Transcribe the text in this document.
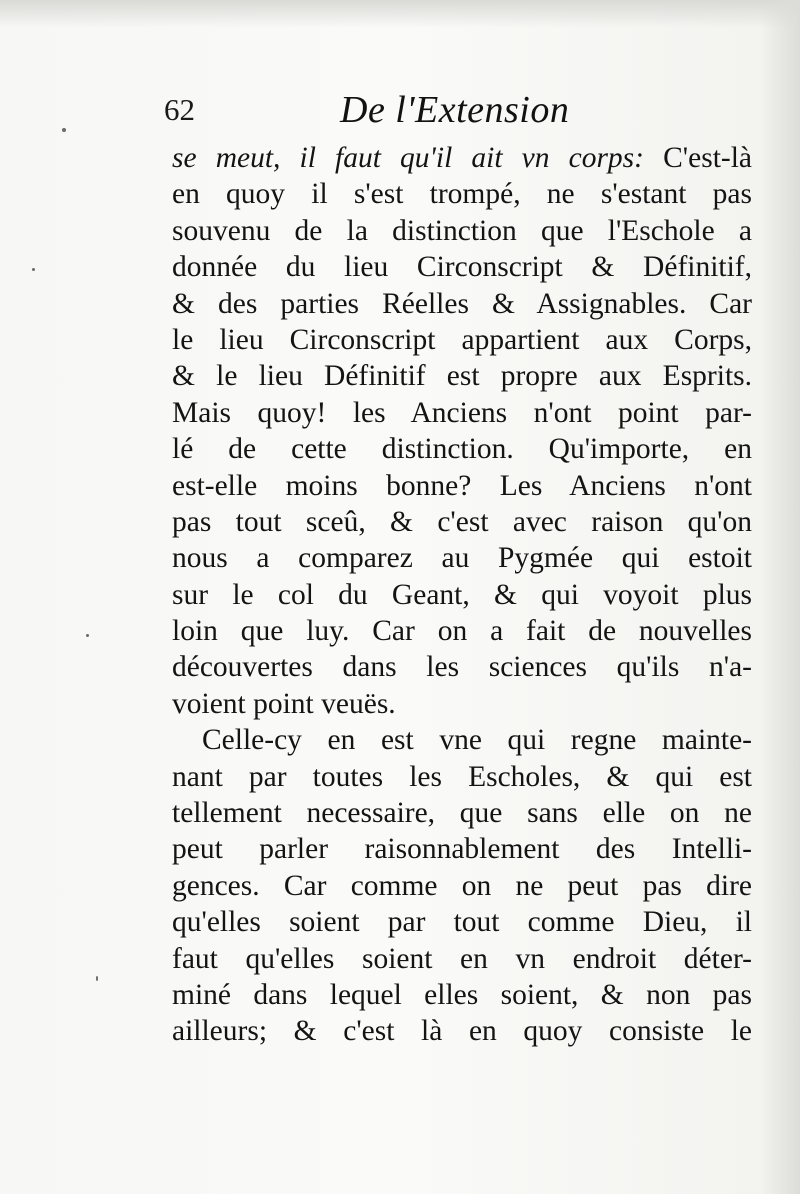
62	De l'Extension
se meut, il faut qu'il ait vn corps: C'est-là
en quoy il s'est trompé, ne s'estant pas
souvenu de la distinction que l'Eschole a
donnée du lieu Circonscript & Définitif,
& des parties Réelles & Assignables. Car
le lieu Circonscript appartient aux Corps,
& le lieu Définitif est propre aux Esprits.
Mais quoy! les Anciens n'ont point par-
lé de cette distinction. Qu'importe, en
est-elle moins bonne? Les Anciens n'ont
pas tout sceû, & c'est avec raison qu'on
nous a comparez au Pygmée qui estoit
sur le col du Geant, & qui voyoit plus
loin que luy. Car on a fait de nouvelles
découvertes dans les sciences qu'ils n'a-
voient point veuës.
Celle-cy en est vne qui regne mainte-
nant par toutes les Escholes, & qui est
tellement necessaire, que sans elle on ne
peut parler raisonnablement des Intelli-
gences. Car comme on ne peut pas dire
qu'elles soient par tout comme Dieu, il
faut qu'elles soient en vn endroit déter-
miné dans lequel elles soient, & non pas
ailleurs; & c'est là en quoy consiste le
